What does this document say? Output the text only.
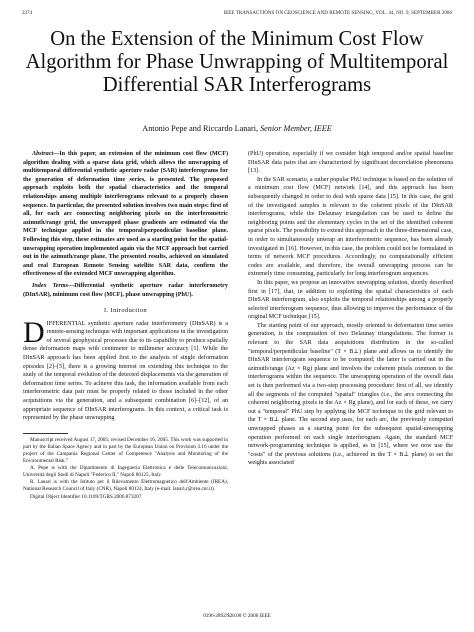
2374	IEEE TRANSACTIONS ON GEOSCIENCE AND REMOTE SENSING, VOL. 44, NO. 9, SEPTEMBER 2006
On the Extension of the Minimum Cost Flow
Algorithm for Phase Unwrapping of Multitemporal
Differential SAR Interferograms
Antonio Pepe and Riccardo Lanari, Senior Member, IEEE

Abstract—In this paper, an extension of the minimum cost flow (MCF) algorithm dealing with a sparse data grid, which allows the unwrapping of multitemporal differential synthetic aperture radar (SAR) interferograms for the generation of deformation time series, is presented. The proposed approach exploits both the spatial characteristics and the temporal relationships among multiple interferograms relevant to a properly chosen sequence. In particular, the presented solution involves two main steps: first of all, for each arc connecting neighboring pixels on the interferometric azimuth/range grid, the unwrapped phase gradients are estimated via the MCF technique applied in the temporal/perpendicular baseline plane. Following this step, these estimates are used as a starting point for the spatial-unwrapping operation implemented again via the MCF approach but carried out in the azimuth/range plane. The presented results, achieved on simulated and real European Remote Sensing satellite SAR data, confirm the effectiveness of the extended MCF unwrapping algorithm.

Index Terms—Differential synthetic aperture radar interferometry (DInSAR), minimum cost flow (MCF), phase unwrapping (PhU).

I. Introduction

DIFFERENTIAL synthetic aperture radar interferometry (DInSAR) is a remote-sensing technique with important applications in the investigation of several geophysical processes due to its capability to produce spatially dense deformation maps with centimeter to millimeter accuracy [1]. While the DInSAR approach has been applied first to the analysis of single deformation episodes [2]–[5], there is a growing interest on extending this technique to the study of the temporal evolution of the detected displacements via the generation of deformation time series. To achieve this task, the information available from each interferometric data pair must be properly related to those included in the other acquisitions via the generation, and a subsequent combination [6]–[12], of an appropriate sequence of DInSAR interferograms. In this context, a critical task is represented by the phase unwrapping

Manuscript received August 17, 2005; revised December 16, 2005. This work was supported in part by the Italian Space Agency and in part by the European Union on Provision 3.16 under the project of the Campania Regional Center of Competence "Analysis and Monitoring of the Environmental Risk."

A. Pepe is with the Dipartimento di Ingegneria Elettronica e delle Telecomunicazioni, Università degli Studi di Napoli "Federico II," Napoli 80125, Italy.

R. Lanari is with the Istituto per il Rilevamento Elettromagnetico dell'Ambiente (IREA), National Research Council of Italy (CNR), Napoli 80124, Italy (e-mail: lanari.r@irea.cnr.it).

Digital Object Identifier 10.1109/TGRS.2006.873207

(PhU) operation, especially if we consider high temporal and/or spatial baseline DInSAR data pairs that are characterized by significant decorrelation phenomena [13].

In the SAR scenario, a rather popular PhU technique is based on the solution of a minimum cost flow (MCF) network [14], and this approach has been subsequently changed in order to deal with sparse data [15]. In this case, the grid of the investigated samples is relevant to the coherent pixels of the DInSAR interferograms, while the Delaunay triangulation can be used to define the neighboring points and the elementary cycles in the set of the identified coherent sparse pixels. The possibility to extend this approach to the three-dimensional case, in order to simultaneously unwrap an interferometric sequence, has been already investigated in [16]. However, in this case, the problem could not be formulated in terms of network MCF procedures. Accordingly, no computationally efficient codes are available, and therefore, the overall unwrapping process can be extremely time consuming, particularly for long interferogram sequences.

In this paper, we propose an innovative unwrapping solution, shortly described first in [17], that, in addition to exploiting the spatial characteristics of each DInSAR interferogram, also exploits the temporal relationships among a properly selected interferogram sequence, thus allowing to improve the performance of the original MCF technique [15].

The starting point of our approach, mostly oriented to deformation time series generation, is the computation of two Delaunay triangulations. The former is relevant to the SAR data acquisitions distribution in the so-called "temporal/perpendicular baseline" (T × B⊥) plane and allows us to identify the DInSAR interferogram sequence to be computed; the latter is carried out in the azimuth/range (Az × Rg) plane and involves the coherent pixels common to the interferograms within the sequence. The unwrapping operation of the overall data set is then performed via a two-step processing procedure: first of all, we identify all the segments of the computed "spatial" triangles (i.e., the arcs connecting the coherent neighboring pixels in the Az × Rg plane), and for each of these, we carry out a "temporal" PhU step by applying the MCF technique to the grid relevant to the T × B⊥ plane. The second step uses, for each arc, the previously computed unwrapped phases as a starting point for the subsequent spatial-unwrapping operation performed on each single interferogram. Again, the standard MCF network-programming technique is applied, as in [15], where we now use the "costs" of the previous solutions (i.e., achieved in the T × B⊥ plane) to set the weights associated

0196-2892/$20.00 © 2006 IEEE
